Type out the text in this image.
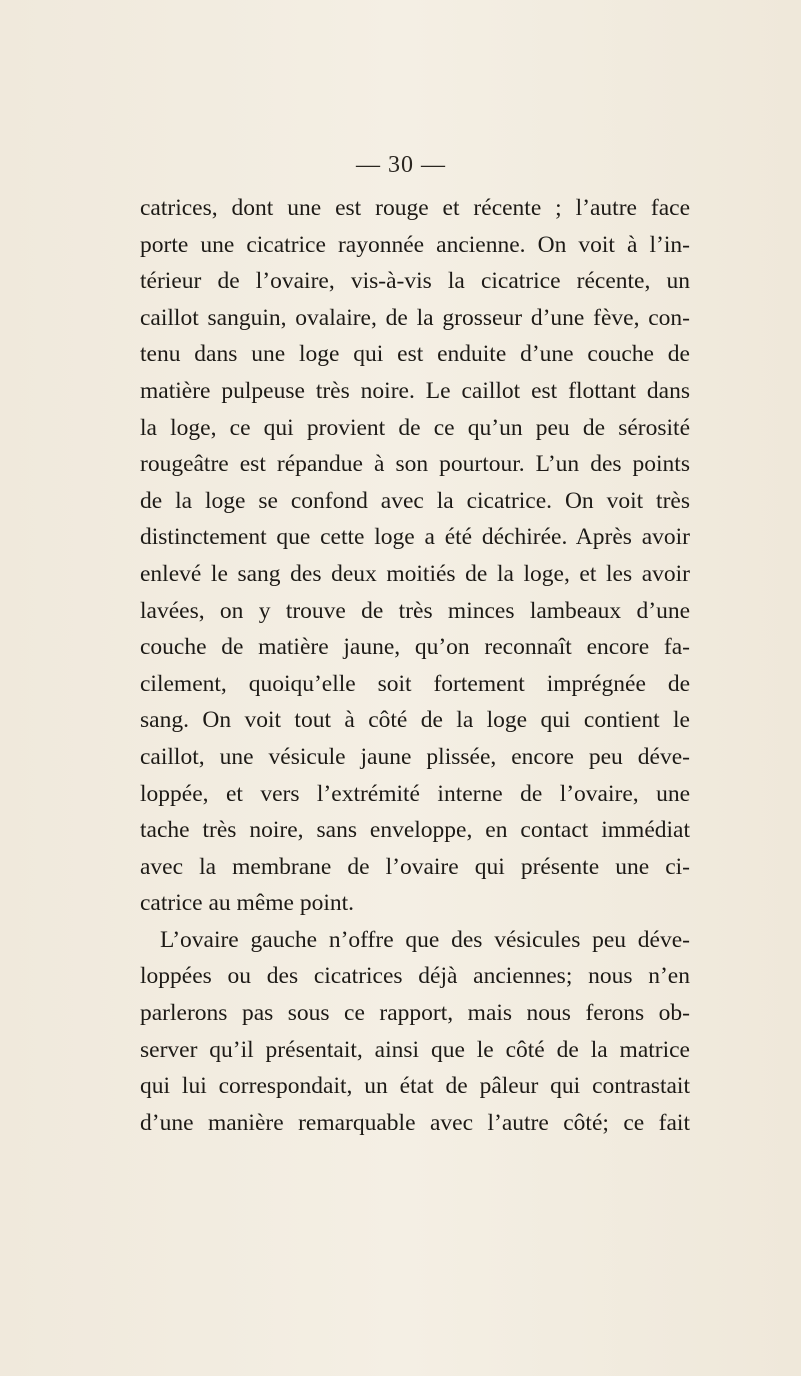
— 30 —
catrices, dont une est rouge et récente ; l’autre face
porte une cicatrice rayonnée ancienne. On voit à l’in-
térieur de l’ovaire, vis-à-vis la cicatrice récente, un
caillot sanguin, ovalaire, de la grosseur d’une fève, con-
tenu dans une loge qui est enduite d’une couche de
matière pulpeuse très noire. Le caillot est flottant dans
la loge, ce qui provient de ce qu’un peu de sérosité
rougeâtre est répandue à son pourtour. L’un des points
de la loge se confond avec la cicatrice. On voit très
distinctement que cette loge a été déchirée. Après avoir
enlevé le sang des deux moitiés de la loge, et les avoir
lavées, on y trouve de très minces lambeaux d’une
couche de matière jaune, qu’on reconnaît encore fa-
cilement, quoiqu’elle soit fortement imprégnée de
sang. On voit tout à côté de la loge qui contient le
caillot, une vésicule jaune plissée, encore peu déve-
loppée, et vers l’extrémité interne de l’ovaire, une
tache très noire, sans enveloppe, en contact immédiat
avec la membrane de l’ovaire qui présente une ci-
catrice au même point.
L’ovaire gauche n’offre que des vésicules peu déve-
loppées ou des cicatrices déjà anciennes; nous n’en
parlerons pas sous ce rapport, mais nous ferons ob-
server qu’il présentait, ainsi que le côté de la matrice
qui lui correspondait, un état de pâleur qui contrastait
d’une manière remarquable avec l’autre côté; ce fait
